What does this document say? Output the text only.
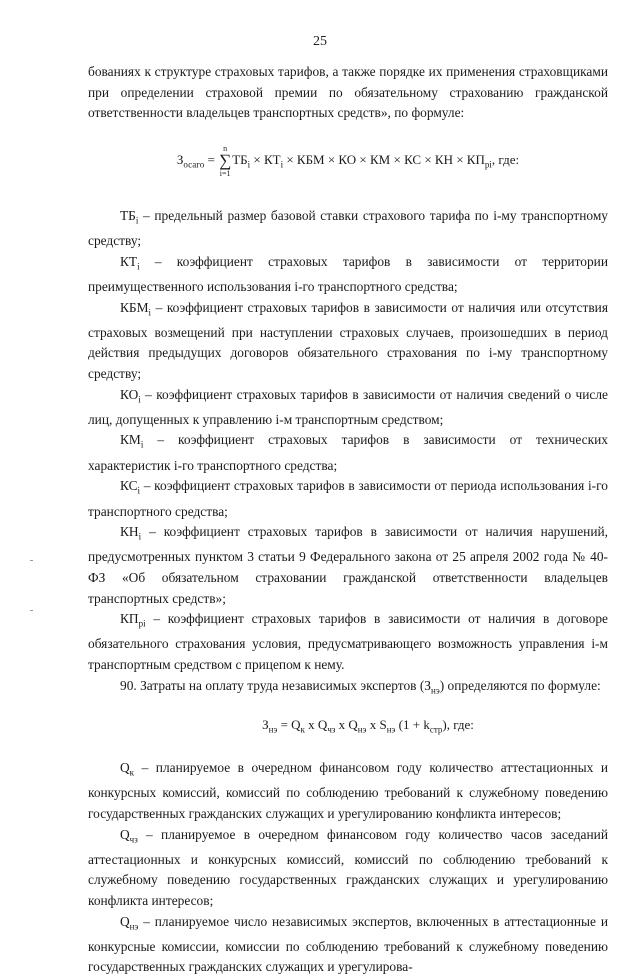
25

бованиях к структуре страховых тарифов, а также порядке их применения страховщиками при определении страховой премии по обязательному страхованию гражданской ответственности владельцев транспортных средств», по формуле:

$З_{осаго}$ =
n
∑
i=1
$ТБ_i \times КТ_i$ × КБМ × КО × КМ × КС × КН × $КП_{рi}$, где:

$ТБ_i$ – предельный размер базовой ставки страхового тарифа по i-му транспортному средству;

$КТ_i$ – коэффициент страховых тарифов в зависимости от территории преимущественного использования i-го транспортного средства;

$КБМ_i$ – коэффициент страховых тарифов в зависимости от наличия или отсутствия страховых возмещений при наступлении страховых случаев, произошедших в период действия предыдущих договоров обязательного страхования по i-му транспортному средству;

$КО_i$ – коэффициент страховых тарифов в зависимости от наличия сведений о числе лиц, допущенных к управлению i-м транспортным средством;

$КМ_i$ – коэффициент страховых тарифов в зависимости от технических характеристик i-го транспортного средства;

$КС_i$ – коэффициент страховых тарифов в зависимости от периода использования i-го транспортного средства;

$КН_i$ – коэффициент страховых тарифов в зависимости от наличия нарушений, предусмотренных пунктом 3 статьи 9 Федерального закона от 25 апреля 2002 года № 40-ФЗ «Об обязательном страховании гражданской ответственности владельцев транспортных средств»;

$КП_{рi}$ – коэффициент страховых тарифов в зависимости от наличия в договоре обязательного страхования условия, предусматривающего возможность управления i-м транспортным средством с прицепом к нему.

90. Затраты на оплату труда независимых экспертов $(З_{нэ})$ определяются по формуле:

$З_{нэ} = Q_к$ x $Q_{чз}$ x $Q_{нэ}$ x $S_{нэ}$ $(1 + k_{стр})$, где:

$Q_к$ – планируемое в очередном финансовом году количество аттестационных и конкурсных комиссий, комиссий по соблюдению требований к служебному поведению государственных гражданских служащих и урегулированию конфликта интересов;

$Q_{чз}$ – планируемое в очередном финансовом году количество часов заседаний аттестационных и конкурсных комиссий, комиссий по соблюдению требований к служебному поведению государственных гражданских служащих и урегулированию конфликта интересов;

$Q_{нэ}$ – планируемое число независимых экспертов, включенных в аттестационные и конкурсные комиссии, комиссии по соблюдению требований к служебному поведению государственных гражданских служащих и урегулирова-
